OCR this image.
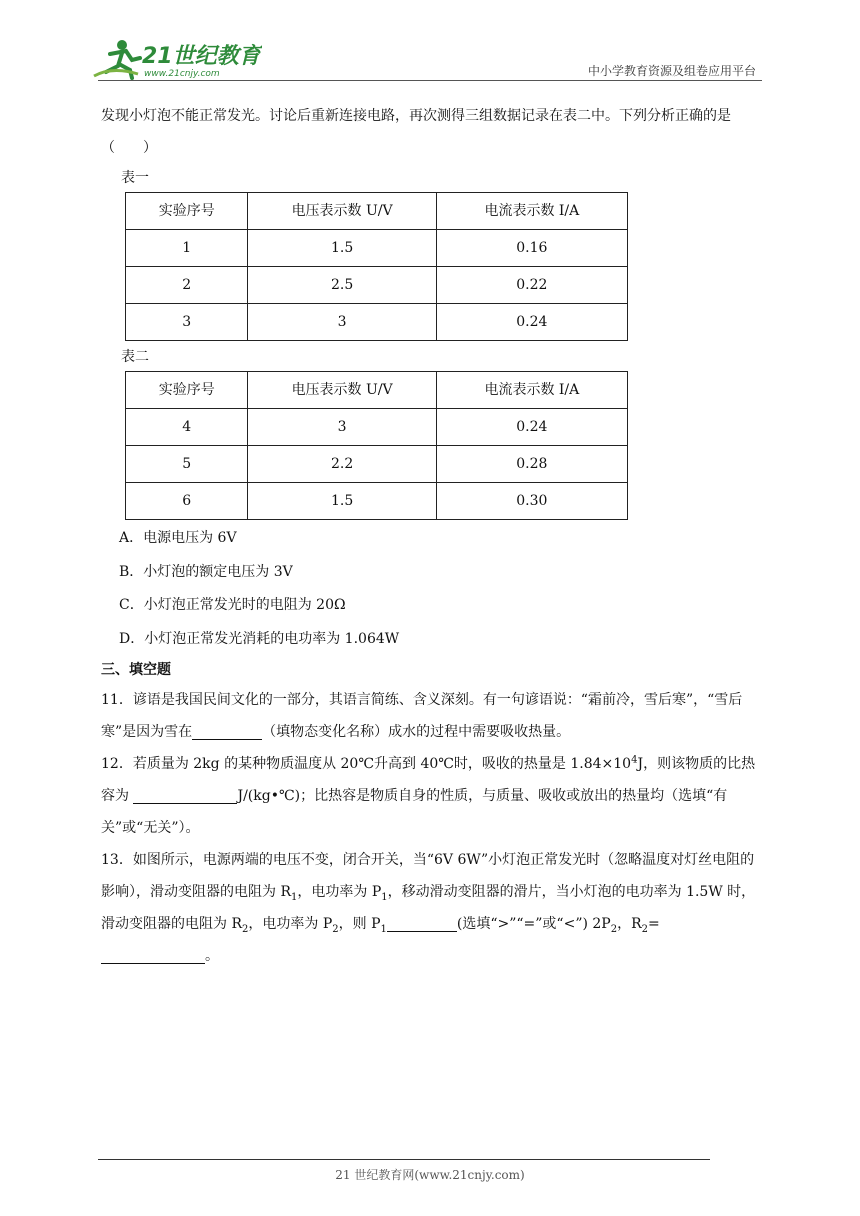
21世纪教育
www.21cnjy.com	中小学教育资源及组卷应用平台

发现小灯泡不能正常发光。讨论后重新连接电路，再次测得三组数据记录在表二中。下列分析正确的是（　　）

表一

实验序号	电压表示数 U/V	电流表示数 I/A
1	1.5	0.16
2	2.5	0.22
3	3	0.24

表二

实验序号	电压表示数 U/V	电流表示数 I/A
4	3	0.24
5	2.2	0.28
6	1.5	0.30

A．电源电压为 6V

B．小灯泡的额定电压为 3V

C．小灯泡正常发光时的电阻为 20Ω

D．小灯泡正常发光消耗的电功率为 1.064W

三、填空题

11．谚语是我国民间文化的一部分，其语言简练、含义深刻。有一句谚语说：“霜前冷，雪后寒”，“雪后寒”是因为雪在	（填物态变化名称）成水的过程中需要吸收热量。

12．若质量为 2kg 的某种物质温度从 20℃升高到 40℃时，吸收的热量是 $1.84\times 10^4J$，则该物质的比热容为	J/(kg•℃)；比热容是物质自身的性质，与质量、吸收或放出的热量均（选填“有关”或“无关”）。

13．如图所示，电源两端的电压不变，闭合开关，当“6V 6W”小灯泡正常发光时（忽略温度对灯丝电阻的影响），滑动变阻器的电阻为 $R_1$，电功率为 $P_1$，移动滑动变阻器的滑片，当小灯泡的电功率为 1.5W 时，滑动变阻器的电阻为 $R_2$，电功率为 $P_2$，则 $P_1$	(选填“>”“=”或“<”) $2P_2$，$R_2=$。

21 世纪教育网(www.21cnjy.com)
